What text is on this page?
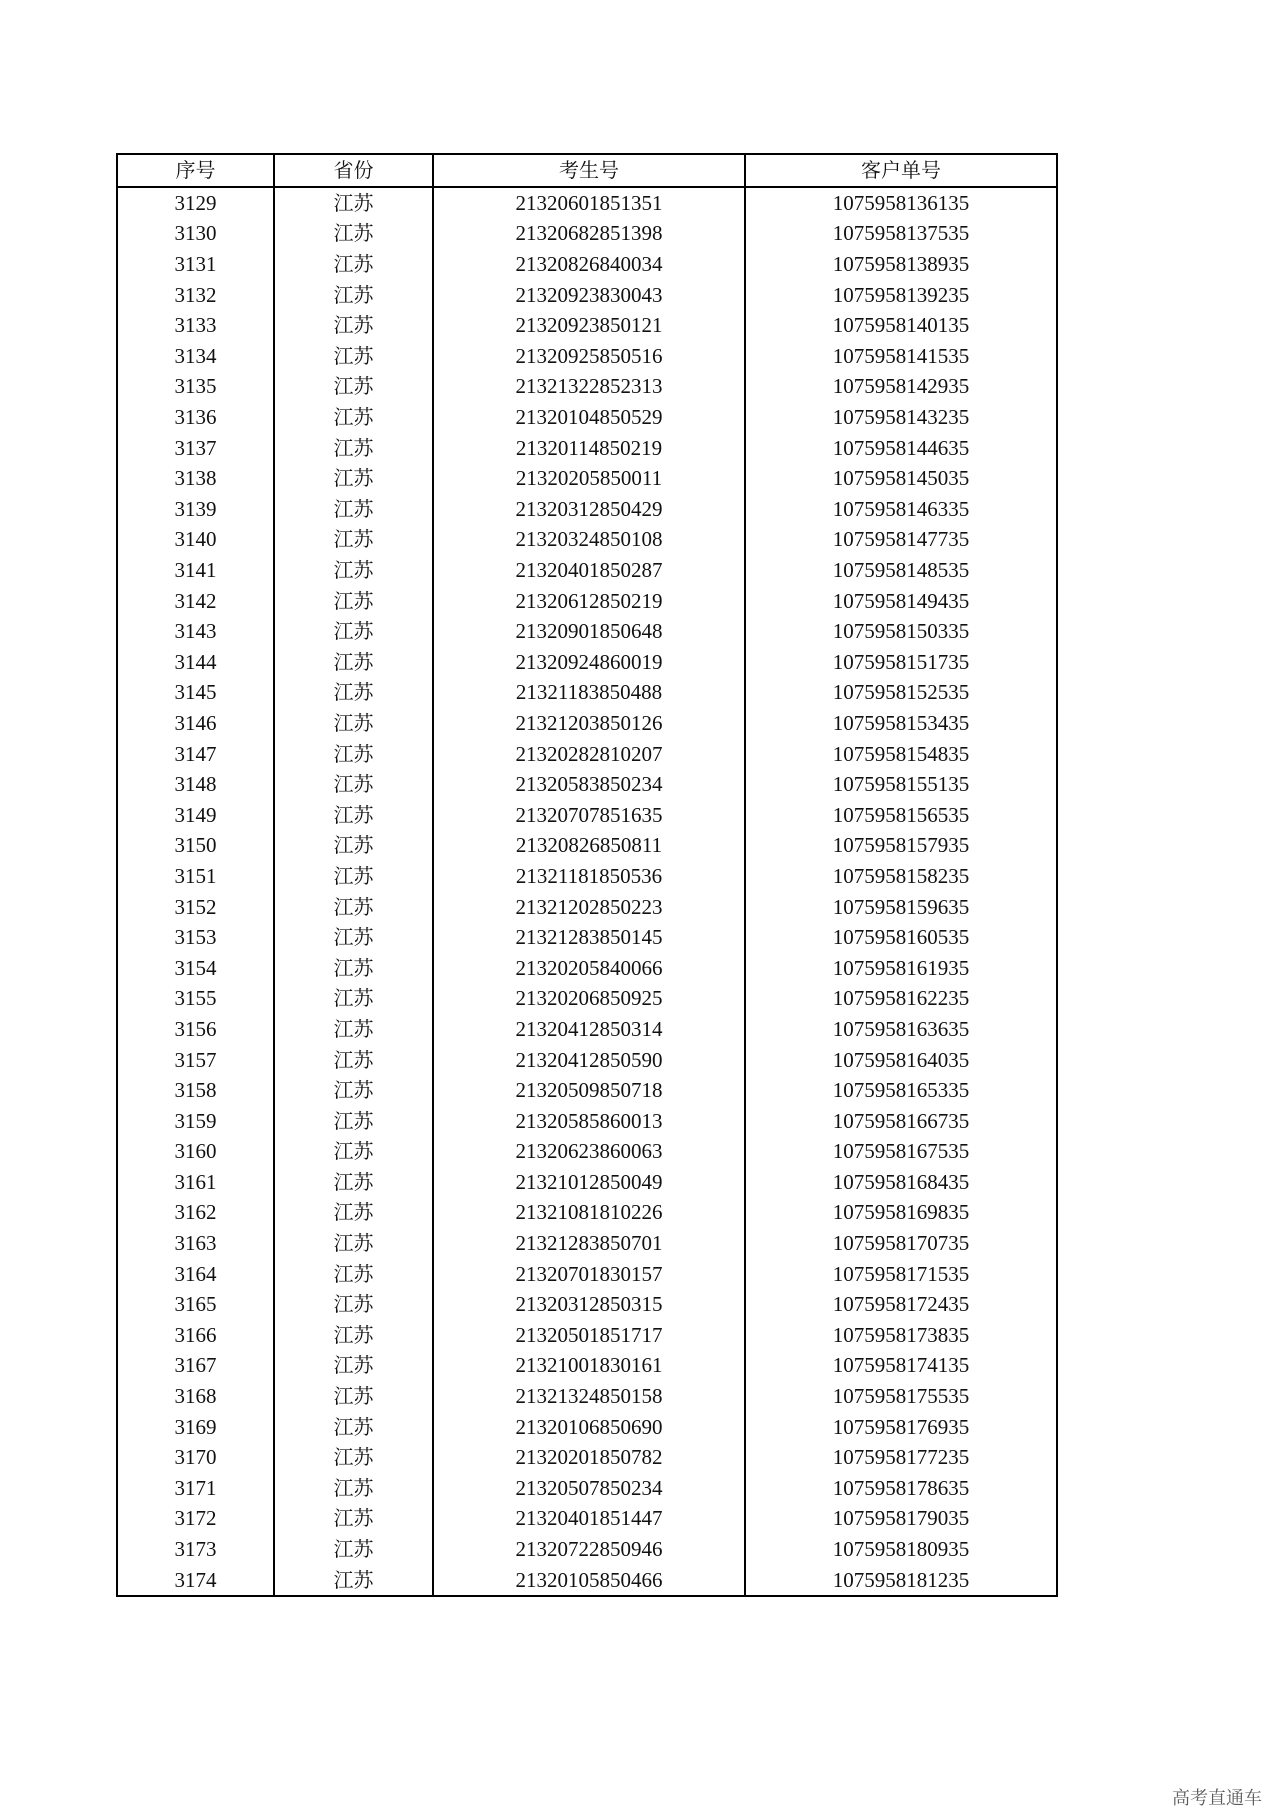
序号	省份	考生号	客户单号
3129	江苏	21320601851351	1075958136135
3130	江苏	21320682851398	1075958137535
3131	江苏	21320826840034	1075958138935
3132	江苏	21320923830043	1075958139235
3133	江苏	21320923850121	1075958140135
3134	江苏	21320925850516	1075958141535
3135	江苏	21321322852313	1075958142935
3136	江苏	21320104850529	1075958143235
3137	江苏	21320114850219	1075958144635
3138	江苏	21320205850011	1075958145035
3139	江苏	21320312850429	1075958146335
3140	江苏	21320324850108	1075958147735
3141	江苏	21320401850287	1075958148535
3142	江苏	21320612850219	1075958149435
3143	江苏	21320901850648	1075958150335
3144	江苏	21320924860019	1075958151735
3145	江苏	21321183850488	1075958152535
3146	江苏	21321203850126	1075958153435
3147	江苏	21320282810207	1075958154835
3148	江苏	21320583850234	1075958155135
3149	江苏	21320707851635	1075958156535
3150	江苏	21320826850811	1075958157935
3151	江苏	21321181850536	1075958158235
3152	江苏	21321202850223	1075958159635
3153	江苏	21321283850145	1075958160535
3154	江苏	21320205840066	1075958161935
3155	江苏	21320206850925	1075958162235
3156	江苏	21320412850314	1075958163635
3157	江苏	21320412850590	1075958164035
3158	江苏	21320509850718	1075958165335
3159	江苏	21320585860013	1075958166735
3160	江苏	21320623860063	1075958167535
3161	江苏	21321012850049	1075958168435
3162	江苏	21321081810226	1075958169835
3163	江苏	21321283850701	1075958170735
3164	江苏	21320701830157	1075958171535
3165	江苏	21320312850315	1075958172435
3166	江苏	21320501851717	1075958173835
3167	江苏	21321001830161	1075958174135
3168	江苏	21321324850158	1075958175535
3169	江苏	21320106850690	1075958176935
3170	江苏	21320201850782	1075958177235
3171	江苏	21320507850234	1075958178635
3172	江苏	21320401851447	1075958179035
3173	江苏	21320722850946	1075958180935
3174	江苏	21320105850466	1075958181235
高考直通车
